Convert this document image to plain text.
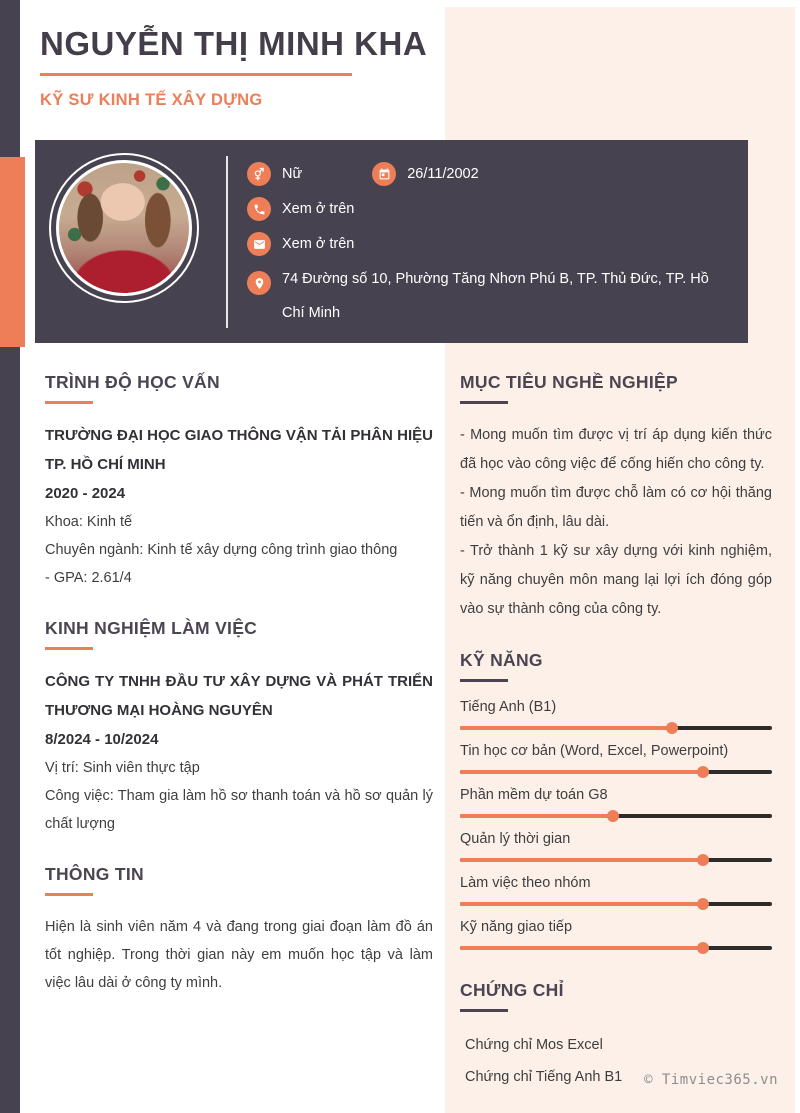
NGUYỄN THỊ MINH KHA
KỸ SƯ KINH TẾ XÂY DỰNG
Nữ	26/11/2002
Xem ở trên
Xem ở trên
74 Đường số 10, Phường Tăng Nhơn Phú B, TP. Thủ Đức, TP. Hồ Chí Minh
TRÌNH ĐỘ HỌC VẤN
TRƯỜNG ĐẠI HỌC GIAO THÔNG VẬN TẢI PHÂN HIỆU TP. HỒ CHÍ MINH
2020 - 2024
Khoa: Kinh tế
Chuyên ngành: Kinh tế xây dựng công trình giao thông
- GPA: 2.61/4
KINH NGHIỆM LÀM VIỆC
CÔNG TY TNHH ĐẦU TƯ XÂY DỰNG VÀ PHÁT TRIỂN THƯƠNG MẠI HOÀNG NGUYÊN
8/2024 - 10/2024
Vị trí: Sinh viên thực tập
Công việc: Tham gia làm hồ sơ thanh toán và hồ sơ quản lý chất lượng
THÔNG TIN

Hiện là sinh viên năm 4 và đang trong giai đoạn làm đồ án tốt nghiệp. Trong thời gian này em muốn học tập và làm việc lâu dài ở công ty mình.

MỤC TIÊU NGHỀ NGHIỆP

- Mong muốn tìm được vị trí áp dụng kiến thức đã học vào công việc để cống hiến cho công ty.

- Mong muốn tìm được chỗ làm có cơ hội thăng tiến và ổn định, lâu dài.

- Trở thành 1 kỹ sư xây dựng với kinh nghiệm, kỹ năng chuyên môn mang lại lợi ích đóng góp vào sự thành công của công ty.

KỸ NĂNG
Tiếng Anh (B1)
Tin học cơ bản (Word, Excel, Powerpoint)
Phần mềm dự toán G8
Quản lý thời gian
Làm việc theo nhóm
Kỹ năng giao tiếp
CHỨNG CHỈ
Chứng chỉ Mos Excel
Chứng chỉ Tiếng Anh B1	© Timviec365.vn
